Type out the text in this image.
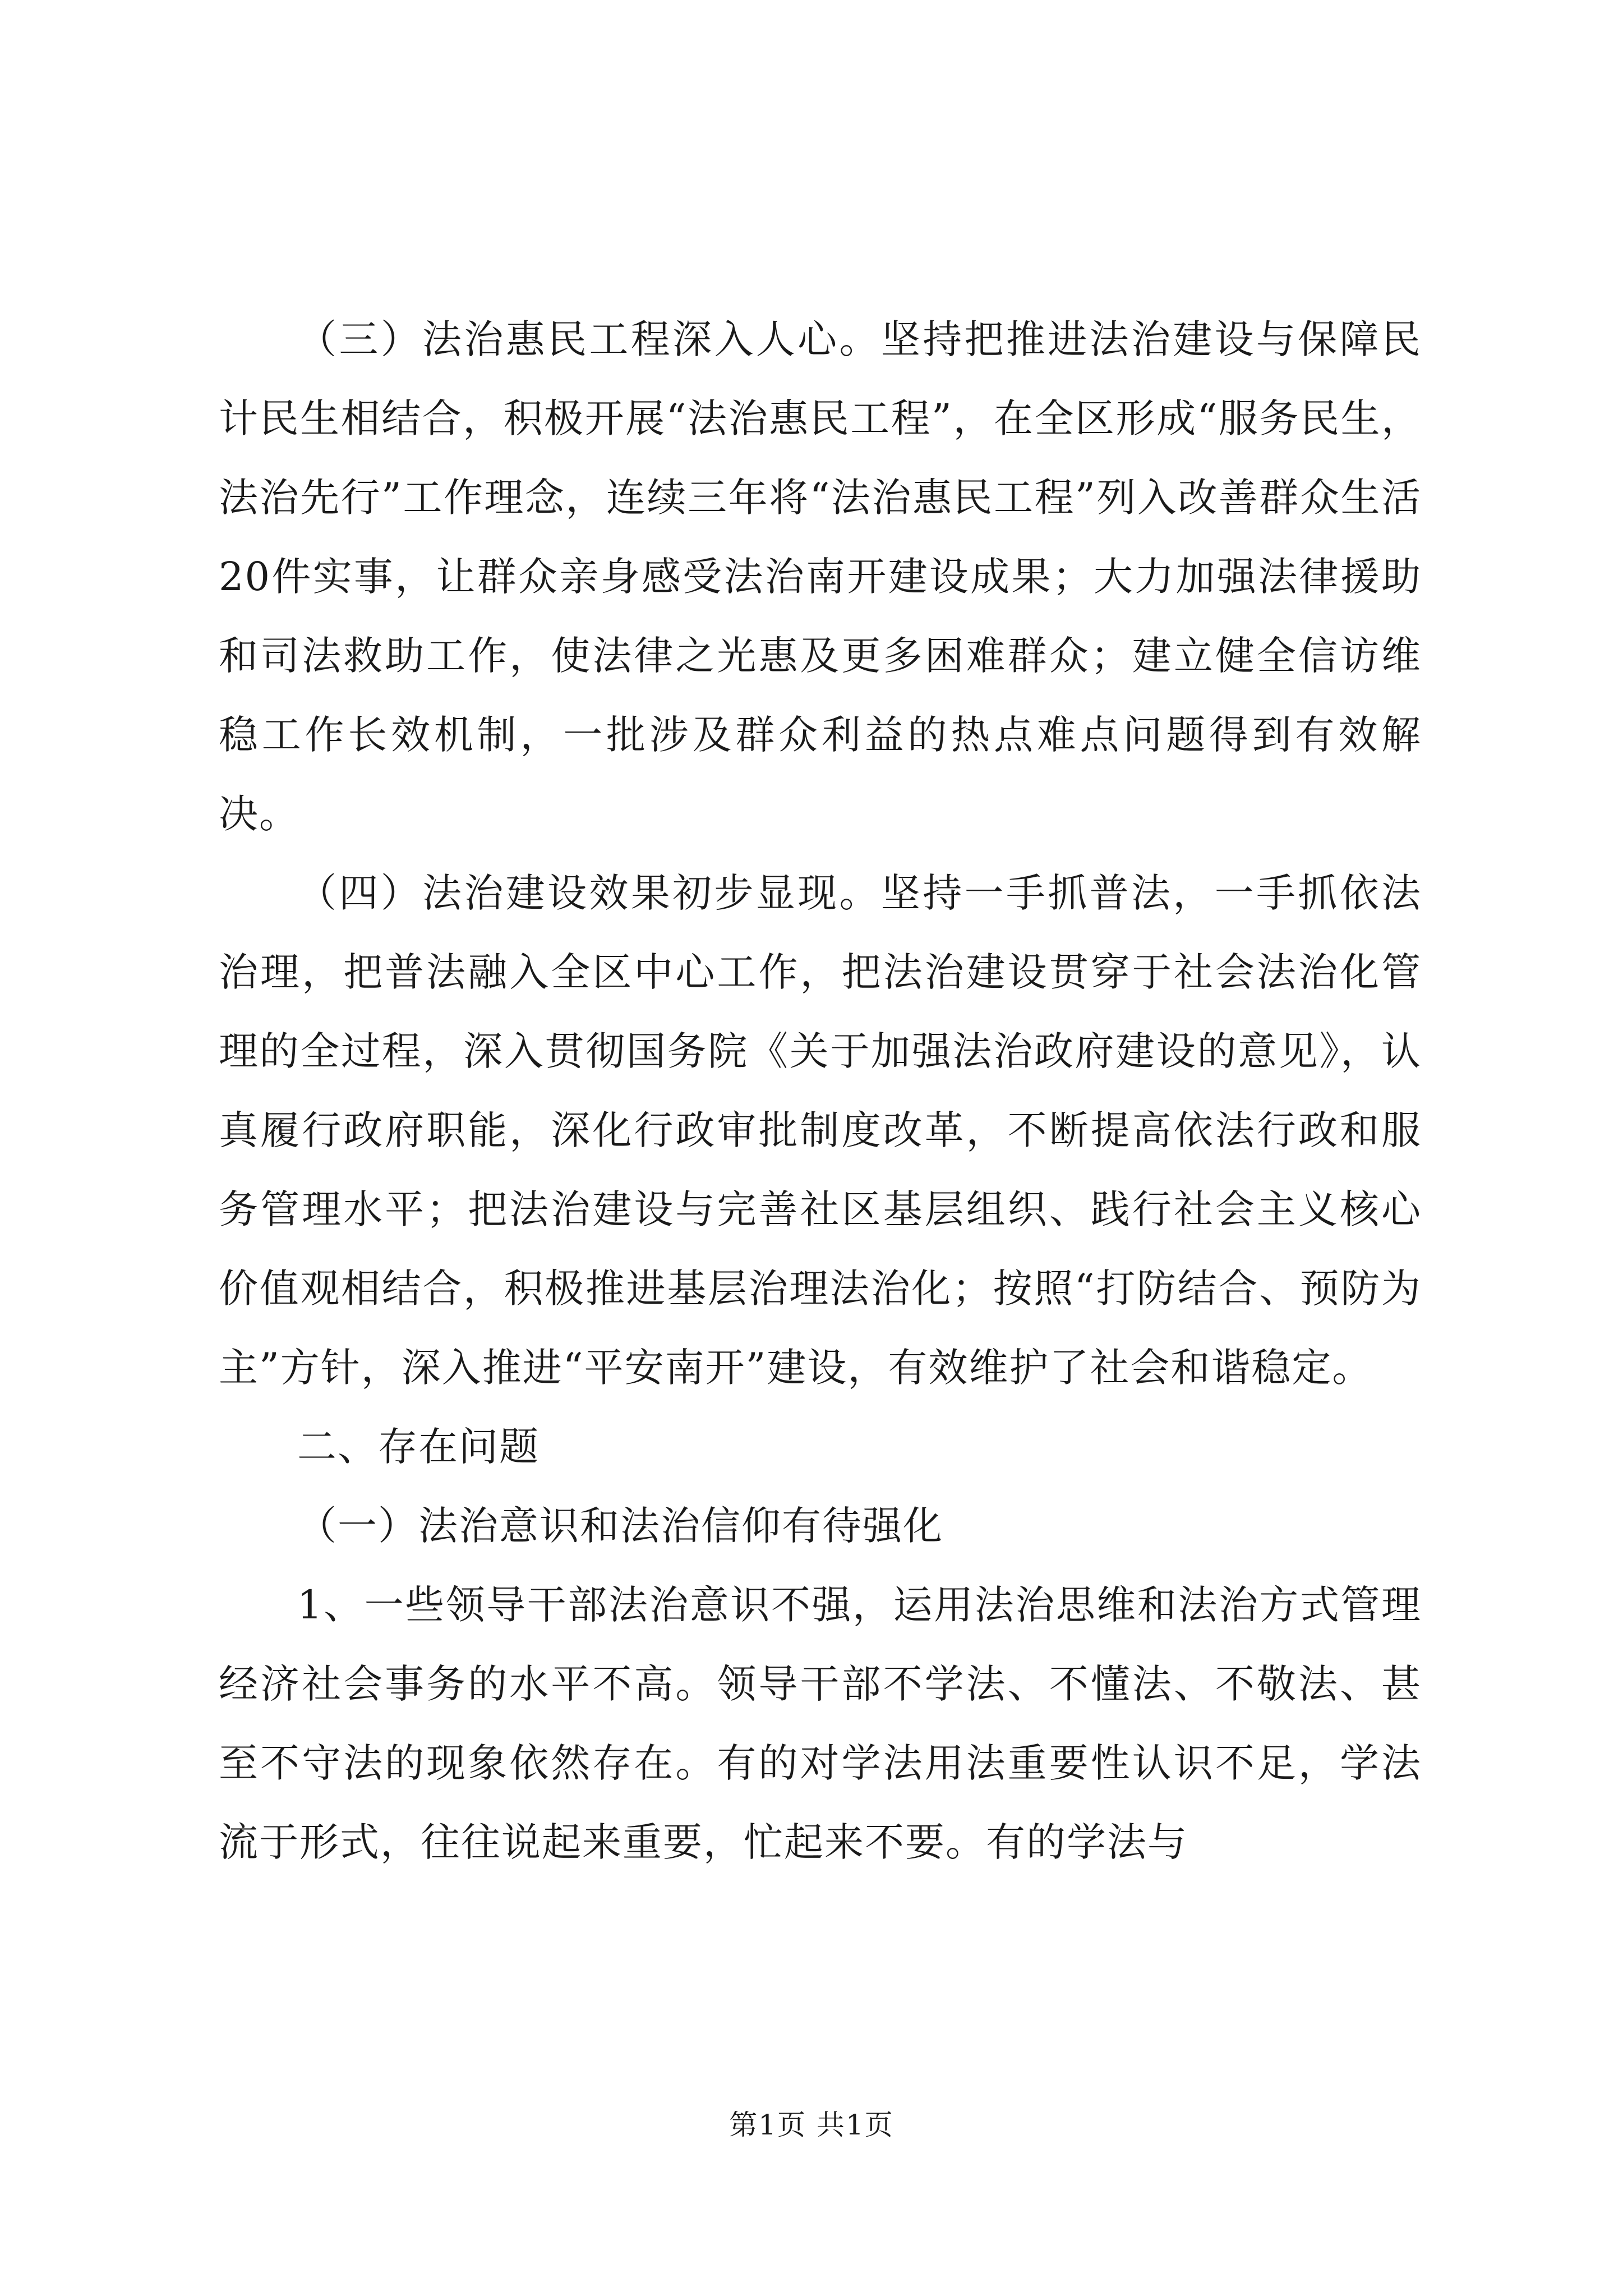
（三）法治惠民工程深入人心。坚持把推进法治建设与保障民计民生相结合，积极开展“法治惠民工程”，在全区形成“服务民生，法治先行”工作理念，连续三年将“法治惠民工程”列入改善群众生活20件实事，让群众亲身感受法治南开建设成果；大力加强法律援助和司法救助工作，使法律之光惠及更多困难群众；建立健全信访维稳工作长效机制，一批涉及群众利益的热点难点问题得到有效解决。

（四）法治建设效果初步显现。坚持一手抓普法，一手抓依法治理，把普法融入全区中心工作，把法治建设贯穿于社会法治化管理的全过程，深入贯彻国务院《关于加强法治政府建设的意见》，认真履行政府职能，深化行政审批制度改革，不断提高依法行政和服务管理水平；把法治建设与完善社区基层组织、践行社会主义核心价值观相结合，积极推进基层治理法治化；按照“打防结合、预防为主”方针，深入推进“平安南开”建设，有效维护了社会和谐稳定。

二、存在问题

（一）法治意识和法治信仰有待强化

1、一些领导干部法治意识不强，运用法治思维和法治方式管理经济社会事务的水平不高。领导干部不学法、不懂法、不敬法、甚至不守法的现象依然存在。有的对学法用法重要性认识不足，学法流于形式，往往说起来重要，忙起来不要。有的学法与

第1页 共1页
